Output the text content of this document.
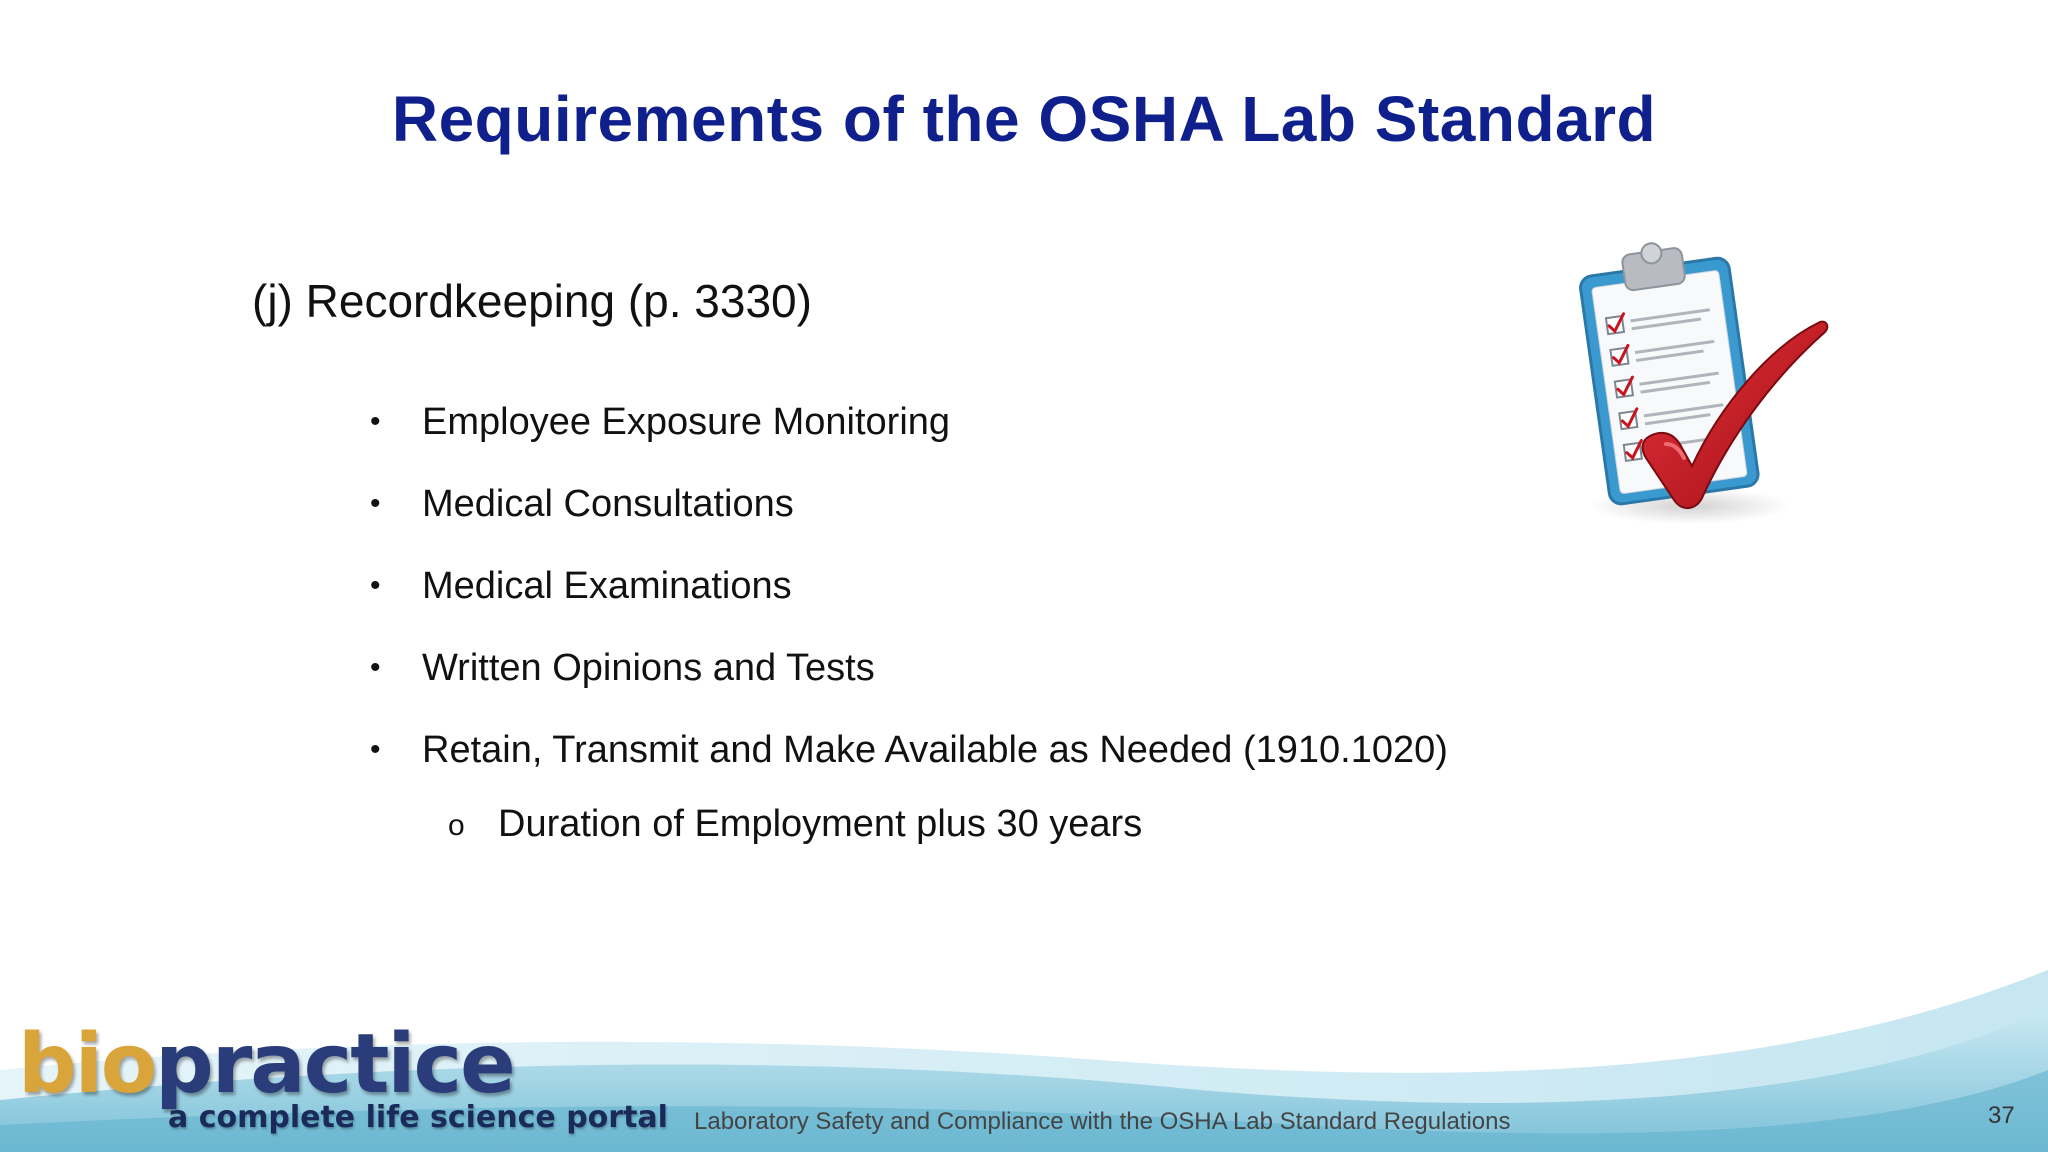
Requirements of the OSHA Lab Standard
(j) Recordkeeping (p. 3330)
• Employee Exposure Monitoring
• Medical Consultations
• Medical Examinations
• Written Opinions and Tests
• Retain, Transmit and Make Available as Needed (1910.1020)
o Duration of Employment plus 30 years
biopractice
a complete life science portal Laboratory Safety and Compliance with the OSHA Lab Standard Regulations	37
